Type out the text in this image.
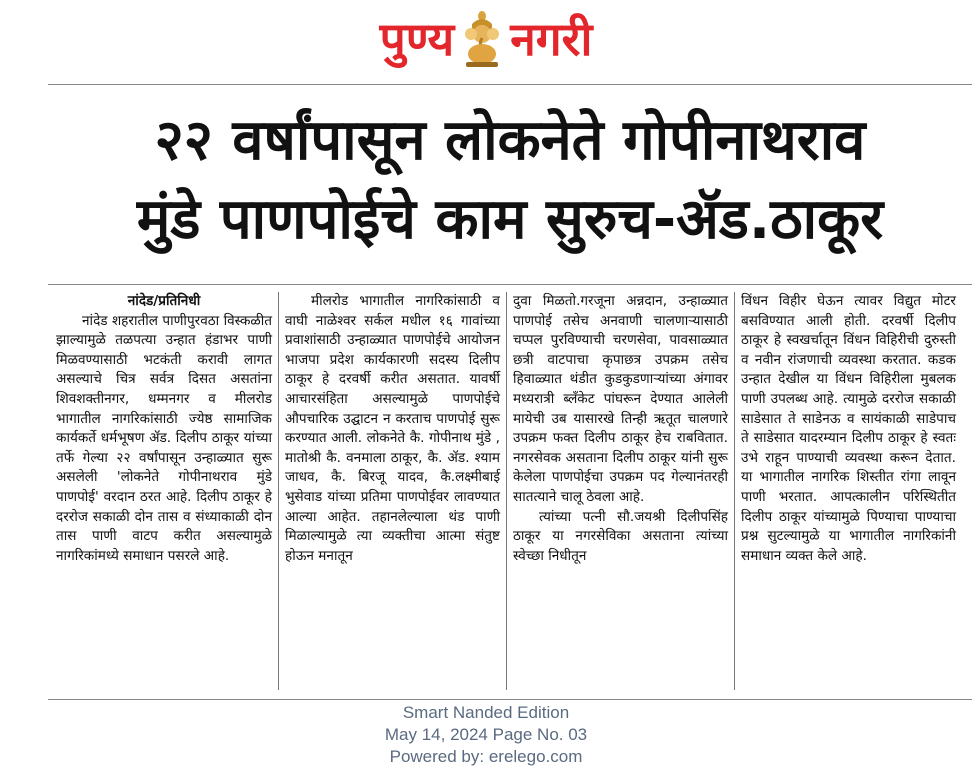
पुण्य नगरी
२२ वर्षांपासून लोकनेते गोपीनाथराव
मुंडे पाणपोईचे काम सुरुच-ॲड.ठाकूर
नांदेड/प्रतिनिधी

नांदेड शहरातील पाणीपुरवठा विस्कळीत झाल्यामुळे तळपत्या उन्हात हंडाभर पाणी मिळवण्यासाठी भटकंती करावी लागत असल्याचे चित्र सर्वत्र दिसत असतांना शिवशक्तीनगर, धम्मनगर व मीलरोड भागातील नागरिकांसाठी ज्येष्ठ सामाजिक कार्यकर्ते धर्मभूषण ॲड. दिलीप ठाकूर यांच्या तर्फे गेल्या २२ वर्षांपासून उन्हाळ्यात सुरू असलेली 'लोकनेते गोपीनाथराव मुंडे पाणपोई' वरदान ठरत आहे. दिलीप ठाकूर हे दररोज सकाळी दोन तास व संध्याकाळी दोन तास पाणी वाटप करीत असल्यामुळे नागरिकांमध्ये समाधान पसरले आहे.

मीलरोड भागातील नागरिकांसाठी व वाघी नाळेश्वर सर्कल मधील १६ गावांच्या प्रवाशांसाठी उन्हाळ्यात पाणपोईचे आयोजन भाजपा प्रदेश कार्यकारणी सदस्य दिलीप ठाकूर हे दरवर्षी करीत असतात. यावर्षी आचारसंहिता असल्यामुळे पाणपोईचे औपचारिक उद्घाटन न करताच पाणपोई सुरू करण्यात आली. लोकनेते कै. गोपीनाथ मुंडे , मातोश्री कै. वनमाला ठाकूर, कै. ॲड. श्याम जाधव, कै. बिरजू यादव, कै.लक्ष्मीबाई भुसेवाड यांच्या प्रतिमा पाणपोईवर लावण्यात आल्या आहेत. तहानलेल्याला थंड पाणी मिळाल्यामुळे त्या व्यक्तीचा आत्मा संतुष्ट होऊन मनातून

दुवा मिळतो.गरजूना अन्नदान, उन्हाळ्यात पाणपोई तसेच अनवाणी चालणाऱ्यासाठी चप्पल पुरविण्याची चरणसेवा, पावसाळ्यात छत्री वाटपाचा कृपाछत्र उपक्रम तसेच हिवाळ्यात थंडीत कुडकुडणाऱ्यांच्या अंगावर मध्यरात्री ब्लँकेट पांघरून देण्यात आलेली मायेची उब यासारखे तिन्ही ऋतूत चालणारे उपक्रम फक्त दिलीप ठाकूर हेच राबवितात. नगरसेवक असताना दिलीप ठाकूर यांनी सुरू केलेला पाणपोईचा उपक्रम पद गेल्यानंतरही सातत्याने चालू ठेवला आहे.

त्यांच्या पत्नी सौ.जयश्री दिलीपसिंह ठाकूर या नगरसेविका असताना त्यांच्या स्वेच्छा निधीतून

विंधन विहीर घेऊन त्यावर विद्युत मोटर बसविण्यात आली होती. दरवर्षी दिलीप ठाकूर हे स्वखर्चातून विंधन विहिरीची दुरुस्ती व नवीन रांजणाची व्यवस्था करतात. कडक उन्हात देखील या विंधन विहिरीला मुबलक पाणी उपलब्ध आहे. त्यामुळे दररोज सकाळी साडेसात ते साडेनऊ व सायंकाळी साडेपाच ते साडेसात यादरम्यान दिलीप ठाकूर हे स्वतः उभे राहून पाण्याची व्यवस्था करून देतात. या भागातील नागरिक शिस्तीत रांगा लावून पाणी भरतात. आपत्कालीन परिस्थितीत दिलीप ठाकूर यांच्यामुळे पिण्याचा पाण्याचा प्रश्न सुटल्यामुळे या भागातील नागरिकांनी समाधान व्यक्त केले आहे.

Smart Nanded Edition
May 14, 2024 Page No. 03
Powered by: erelego.com
